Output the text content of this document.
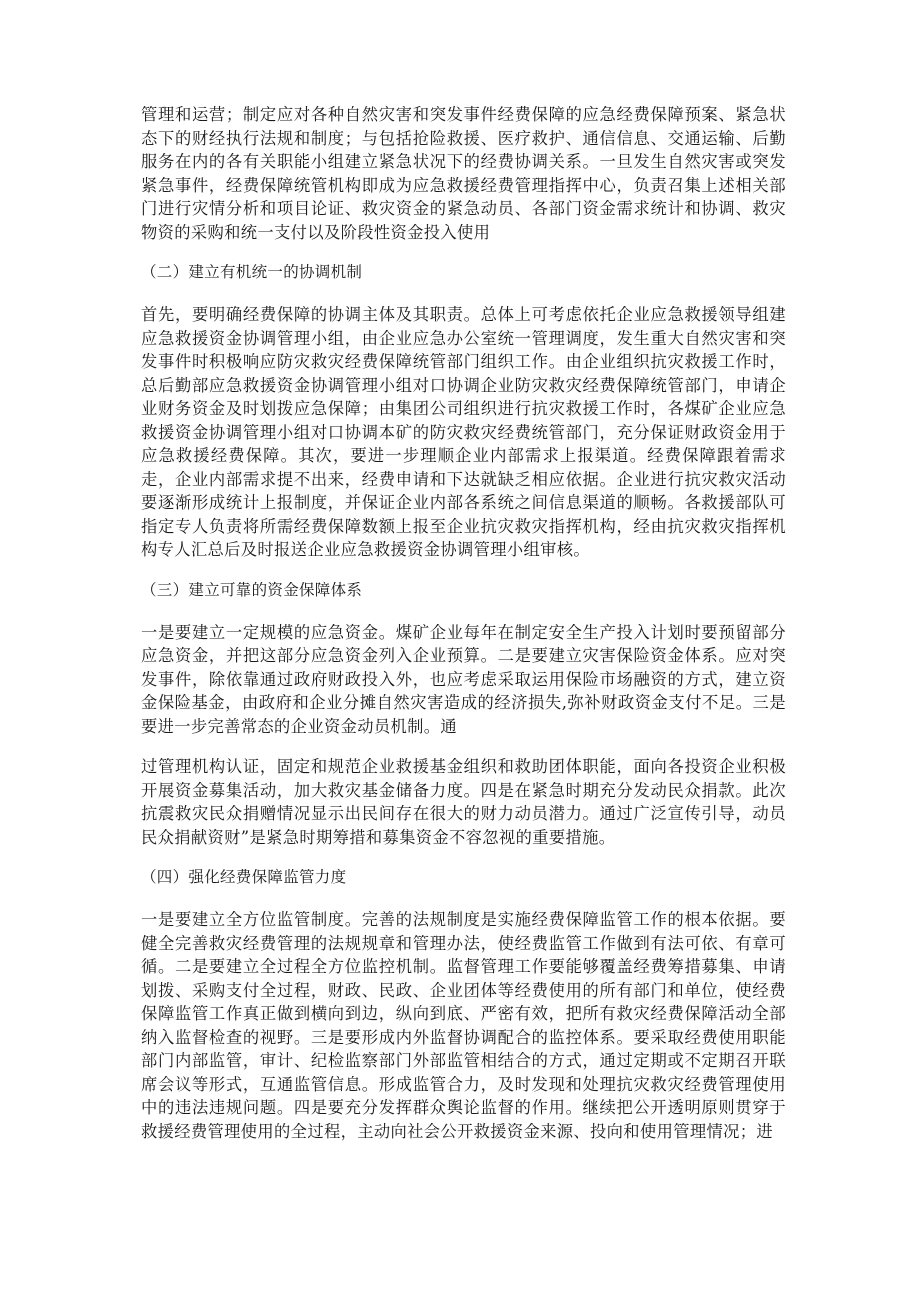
管理和运营；制定应对各种自然灾害和突发事件经费保障的应急经费保障预案、紧急状态下的财经执行法规和制度；与包括抢险救援、医疗救护、通信信息、交通运输、后勤服务在内的各有关职能小组建立紧急状况下的经费协调关系。一旦发生自然灾害或突发紧急事件，经费保障统管机构即成为应急救援经费管理指挥中心，负责召集上述相关部门进行灾情分析和项目论证、救灾资金的紧急动员、各部门资金需求统计和协调、救灾物资的采购和统一支付以及阶段性资金投入使用

（二）建立有机统一的协调机制

首先，要明确经费保障的协调主体及其职责。总体上可考虑依托企业应急救援领导组建应急救援资金协调管理小组，由企业应急办公室统一管理调度，发生重大自然灾害和突发事件时积极响应防灾救灾经费保障统管部门组织工作。由企业组织抗灾救援工作时，总后勤部应急救援资金协调管理小组对口协调企业防灾救灾经费保障统管部门，申请企业财务资金及时划拨应急保障；由集团公司组织进行抗灾救援工作时，各煤矿企业应急救援资金协调管理小组对口协调本矿的防灾救灾经费统管部门，充分保证财政资金用于应急救援经费保障。其次，要进一步理顺企业内部需求上报渠道。经费保障跟着需求走，企业内部需求提不出来，经费申请和下达就缺乏相应依据。企业进行抗灾救灾活动要逐渐形成统计上报制度，并保证企业内部各系统之间信息渠道的顺畅。各救援部队可指定专人负责将所需经费保障数额上报至企业抗灾救灾指挥机构，经由抗灾救灾指挥机构专人汇总后及时报送企业应急救援资金协调管理小组审核。

（三）建立可靠的资金保障体系

一是要建立一定规模的应急资金。煤矿企业每年在制定安全生产投入计划时要预留部分应急资金，并把这部分应急资金列入企业预算。二是要建立灾害保险资金体系。应对突发事件，除依靠通过政府财政投入外，也应考虑采取运用保险市场融资的方式，建立资金保险基金，由政府和企业分摊自然灾害造成的经济损失,弥补财政资金支付不足。三是要进一步完善常态的企业资金动员机制。通

过管理机构认证，固定和规范企业救援基金组织和救助团体职能，面向各投资企业积极开展资金募集活动，加大救灾基金储备力度。四是在紧急时期充分发动民众捐款。此次抗震救灾民众捐赠情况显示出民间存在很大的财力动员潜力。通过广泛宣传引导，动员民众捐献资财”是紧急时期筹措和募集资金不容忽视的重要措施。

（四）强化经费保障监管力度

一是要建立全方位监管制度。完善的法规制度是实施经费保障监管工作的根本依据。要健全完善救灾经费管理的法规规章和管理办法，使经费监管工作做到有法可依、有章可循。二是要建立全过程全方位监控机制。监督管理工作要能够覆盖经费筹措募集、申请划拨、采购支付全过程，财政、民政、企业团体等经费使用的所有部门和单位，使经费保障监管工作真正做到横向到边，纵向到底、严密有效，把所有救灾经费保障活动全部纳入监督检查的视野。三是要形成内外监督协调配合的监控体系。要采取经费使用职能部门内部监管，审计、纪检监察部门外部监管相结合的方式，通过定期或不定期召开联席会议等形式，互通监管信息。形成监管合力，及时发现和处理抗灾救灾经费管理使用中的违法违规问题。四是要充分发挥群众舆论监督的作用。继续把公开透明原则贯穿于救援经费管理使用的全过程，主动向社会公开救援资金来源、投向和使用管理情况；进
